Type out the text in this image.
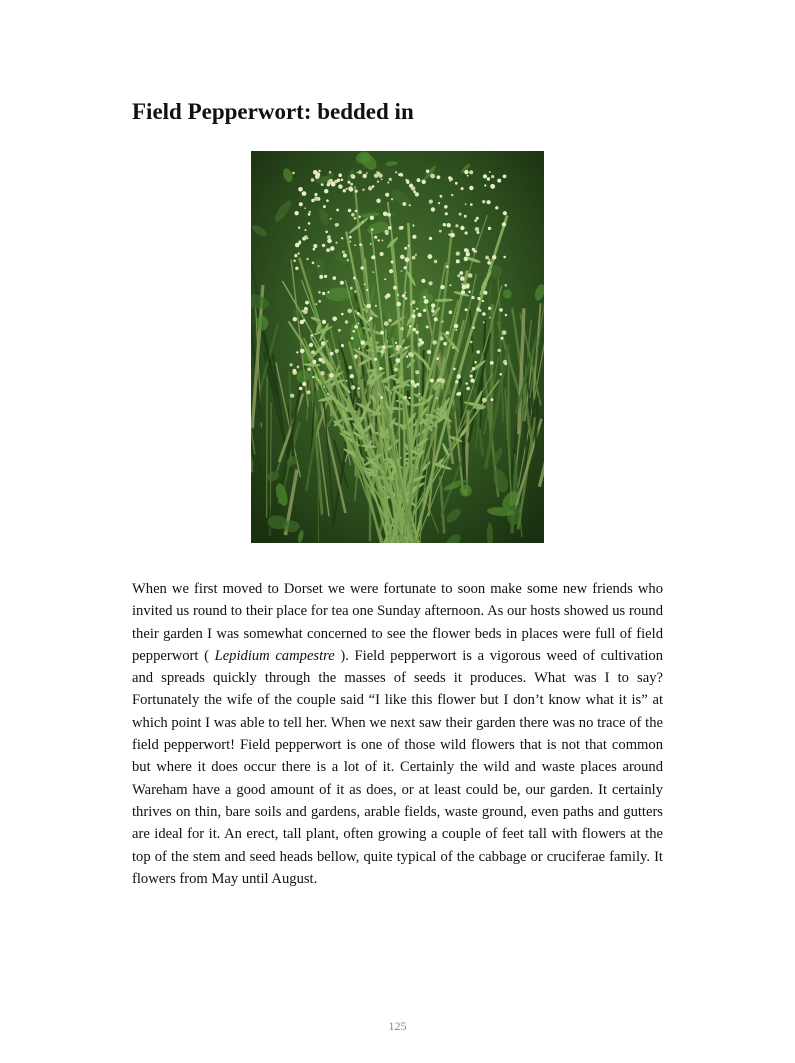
Field Pepperwort: bedded in

When we first moved to Dorset we were fortunate to soon make some new friends who invited us round to their place for tea one Sunday afternoon. As our hosts showed us round their garden I was somewhat concerned to see the flower beds in places were full of field pepperwort ( Lepidium campestre ). Field pepperwort is a vigorous weed of cultivation and spreads quickly through the masses of seeds it produces. What was I to say? Fortunately the wife of the couple said “I like this flower but I don’t know what it is” at which point I was able to tell her. When we next saw their garden there was no trace of the field pepperwort! Field pepperwort is one of those wild flowers that is not that common but where it does occur there is a lot of it. Certainly the wild and waste places around Wareham have a good amount of it as does, or at least could be, our garden. It certainly thrives on thin, bare soils and gardens, arable fields, waste ground, even paths and gutters are ideal for it. An erect, tall plant, often growing a couple of feet tall with flowers at the top of the stem and seed heads bellow, quite typical of the cabbage or cruciferae family. It flowers from May until August.

125
